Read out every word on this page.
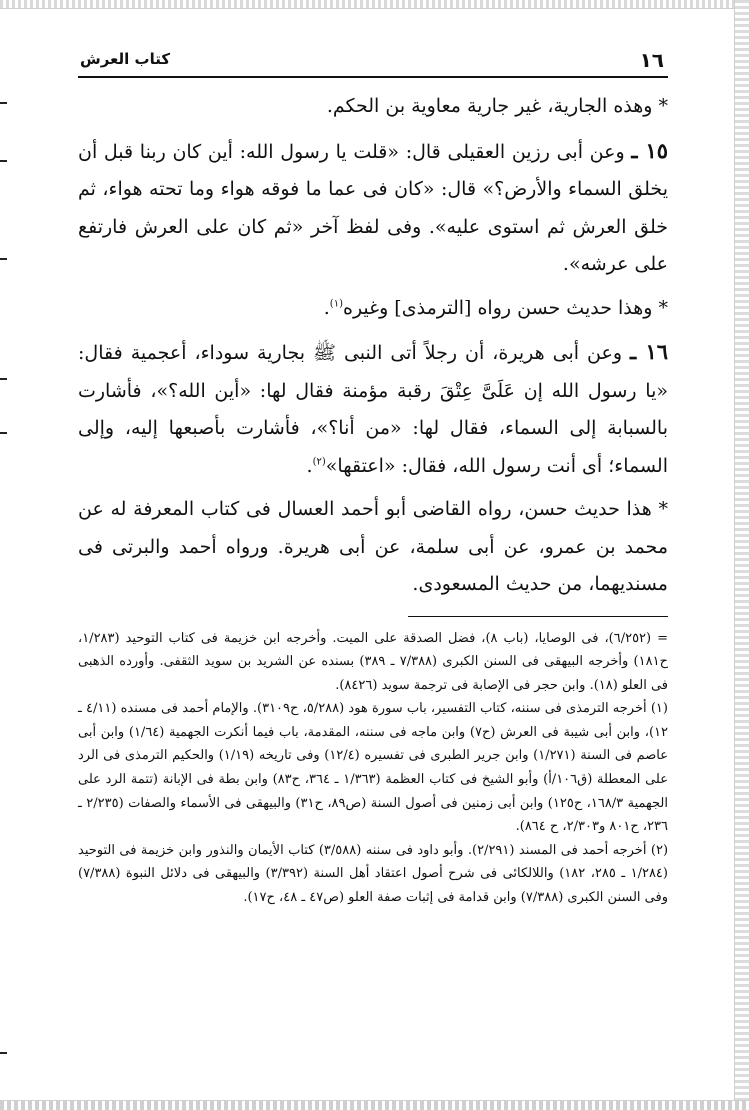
١٦
كتاب العرش

* وهذه الجارية، غير جارية معاوية بن الحكم.

١٥ ـ وعن أبى رزين العقيلى قال: «قلت يا رسول الله: أين كان ربنا قبل أن يخلق السماء والأرض؟» قال: «كان فى عما ما فوقه هواء وما تحته هواء، ثم خلق العرش ثم استوى عليه». وفى لفظ آخر «ثم كان على العرش فارتفع على عرشه».

* وهذا حديث حسن رواه [الترمذى] وغيره$^{(١)}$.

١٦ ـ وعن أبى هريرة، أن رجلاً أتى النبى ﷺ بجارية سوداء، أعجمية فقال: «يا رسول الله إن عَلَىَّ عِتْقَ رقبة مؤمنة فقال لها: «أين الله؟»، فأشارت بالسبابة إلى السماء، فقال لها: «من أنا؟»، فأشارت بأصبعها إليه، وإلى السماء؛ أى أنت رسول الله، فقال: «اعتقها»$^{(٢)}$.

* هذا حديث حسن، رواه القاضى أبو أحمد العسال فى كتاب المعرفة له عن محمد بن عمرو، عن أبى سلمة، عن أبى هريرة. ورواه أحمد والبرتى فى مسنديهما، من حديث المسعودى.

= (٦/٢٥٢)، فى الوصايا، (باب ٨)، فضل الصدقة على الميت. وأخرجه ابن خزيمة فى كتاب التوحيد (١/٢٨٣، ح١٨١) وأخرجه البيهقى فى السنن الكبرى (٧/٣٨٨ ـ ٣٨٩) بسنده عن الشريد بن سويد الثقفى. وأورده الذهبى فى العلو (١٨). وابن حجر فى الإصابة فى ترجمة سويد (٨٤٢٦).

(١) أخرجه الترمذى فى سننه، كتاب التفسير، باب سورة هود (٥/٢٨٨، ح٣١٠٩). والإمام أحمد فى مسنده (٤/١١ ـ ١٢)، وابن أبى شيبة فى العرش (ح٧) وابن ماجه فى سننه، المقدمة، باب فيما أنكرت الجهمية (١/٦٤) وابن أبى عاصم فى السنة (١/٢٧١) وابن جرير الطبرى فى تفسيره (١٢/٤) وفى تاريخه (١/١٩) والحكيم الترمذى فى الرد على المعطلة (ق١٠٦/أ) وأبو الشيخ فى كتاب العظمة (١/٣٦٣ ـ ٣٦٤، ح٨٣) وابن بطة فى الإبانة (تتمة الرد على الجهمية ١٦٨/٣، ح١٢٥) وابن أبى زمنين فى أصول السنة (ص٨٩، ح٣١) والبيهقى فى الأسماء والصفات (٢/٢٣٥ ـ ٢٣٦، ح٨٠١ و٢/٣٠٣، ح ٨٦٤).

(٢) أخرجه أحمد فى المسند (٢/٢٩١). وأبو داود فى سننه (٣/٥٨٨) كتاب الأيمان والنذور وابن خزيمة فى التوحيد (١/٢٨٤ ـ ٢٨٥، ١٨٢) واللالكائى فى شرح أصول اعتقاد أهل السنة (٣/٣٩٢) والبيهقى فى دلائل النبوة (٧/٣٨٨) وفى السنن الكبرى (٧/٣٨٨) وابن قدامة فى إثبات صفة العلو (ص٤٧ ـ ٤٨، ح١٧).
